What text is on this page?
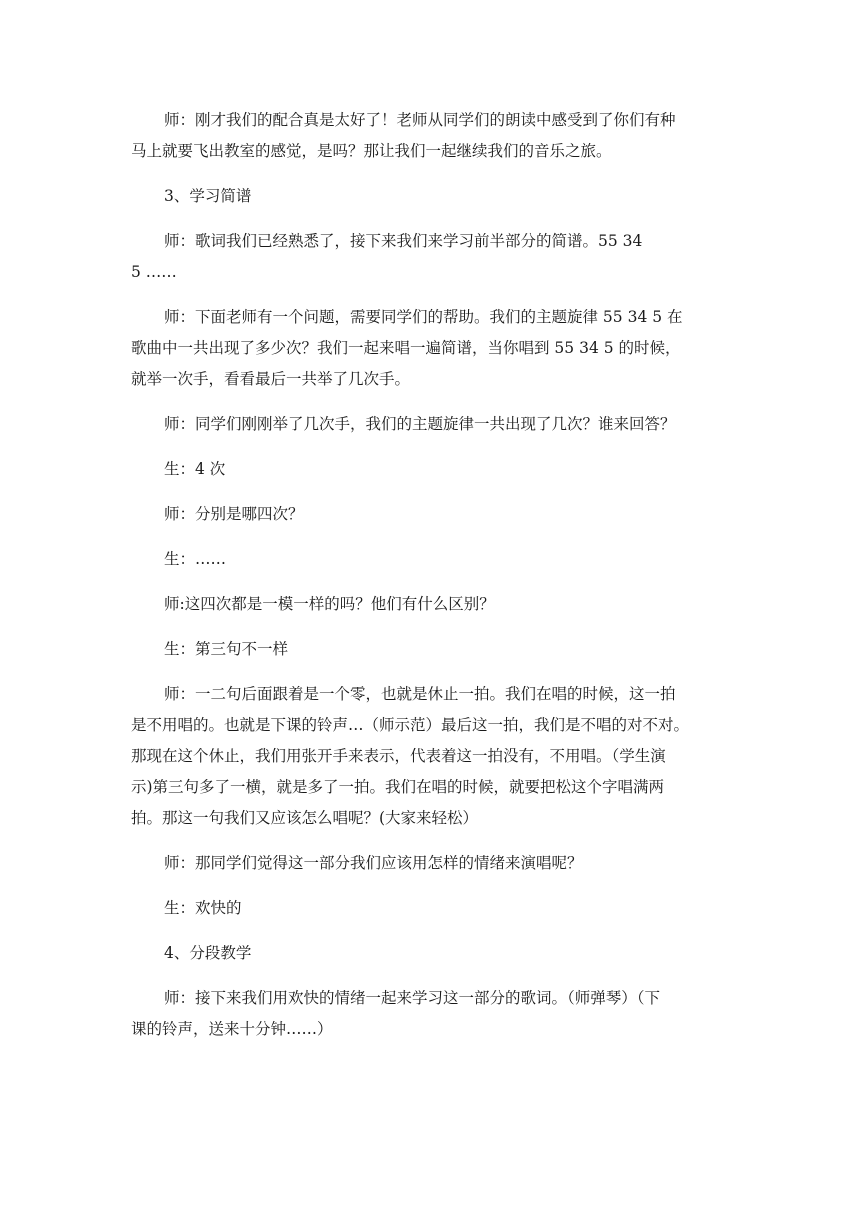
师：刚才我们的配合真是太好了！老师从同学们的朗读中感受到了你们有种
马上就要飞出教室的感觉，是吗？那让我们一起继续我们的音乐之旅。

3、学习简谱

师：歌词我们已经熟悉了，接下来我们来学习前半部分的简谱。55 34
5 ……

师：下面老师有一个问题，需要同学们的帮助。我们的主题旋律 55 34 5 在
歌曲中一共出现了多少次？我们一起来唱一遍简谱，当你唱到 55 34 5 的时候，
就举一次手，看看最后一共举了几次手。

师：同学们刚刚举了几次手，我们的主题旋律一共出现了几次？谁来回答？

生：4 次

师：分别是哪四次？

生：……

师:这四次都是一模一样的吗？他们有什么区别？

生：第三句不一样

师：一二句后面跟着是一个零，也就是休止一拍。我们在唱的时候，这一拍
是不用唱的。也就是下课的铃声…（师示范）最后这一拍，我们是不唱的对不对。
那现在这个休止，我们用张开手来表示，代表着这一拍没有，不用唱。（学生演
示)第三句多了一横，就是多了一拍。我们在唱的时候，就要把松这个字唱满两
拍。那这一句我们又应该怎么唱呢？(大家来轻松）

师：那同学们觉得这一部分我们应该用怎样的情绪来演唱呢？

生：欢快的

4、分段教学

师：接下来我们用欢快的情绪一起来学习这一部分的歌词。（师弹琴）（下
课的铃声，送来十分钟……）
